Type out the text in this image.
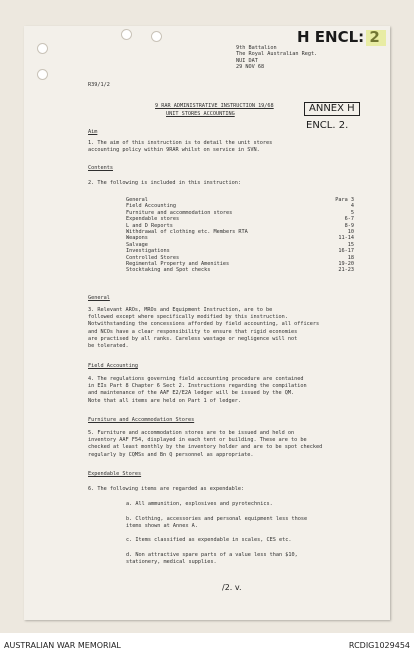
H ENCL: 2
9th Battalion
The Royal Australian Regt.
NUI DAT
29 NOV 68
R39/1/2
ANNEX H
ENCL. 2.
9 RAR ADMINISTRATIVE INSTRUCTION 19/68
UNIT STORES ACCOUNTING
Aim
1. The aim of this instruction is to detail the unit stores
accounting policy within 9RAR whilst on service in SVN.
Contents
2. The following is included in this instruction:
General	Para 3
Field Accounting	4
Furniture and accommodation stores	5
Expendable stores	6-7
L and D Reports	8-9
Withdrawal of clothing etc. Members RTA	10
Weapons	11-14
Salvage	15
Investigations	16-17
Controlled Stores	18
Regimental Property and Amenities	19-20
Stocktaking and Spot checks	21-23
General
3. Relevant AROs, MROs and Equipment Instruction, are to be
followed except where specifically modified by this instruction.
Notwithstanding the concessions afforded by field accounting, all officers
and NCOs have a clear responsibility to ensure that rigid economies
are practised by all ranks. Careless wastage or negligence will not
be tolerated.
Field Accounting
4. The regulations governing field accounting procedure are contained
in EIs Part 8 Chapter 6 Sect 2. Instructions regarding the compilation
and maintenance of the AAF E2/E2A ledger will be issued by the QM.
Note that all items are held on Part 1 of ledger.
Furniture and Accommodation Stores
5. Furniture and accommodation stores are to be issued and held on
inventory AAF F54, displayed in each tent or building. These are to be
checked at least monthly by the inventory holder and are to be spot checked
regularly by CQMSs and Bn Q personnel as appropriate.
Expendable Stores
6. The following items are regarded as expendable:
a. All ammunition, explosives and pyrotechnics.
b. Clothing, accessories and personal equipment less those
items shown at Annex A.
c. Items classified as expendable in scales, CES etc.
d. Non attractive spare parts of a value less than $10,
stationery, medical supplies.
/2. v.
AUSTRALIAN WAR MEMORIAL	RCDIG1029454
